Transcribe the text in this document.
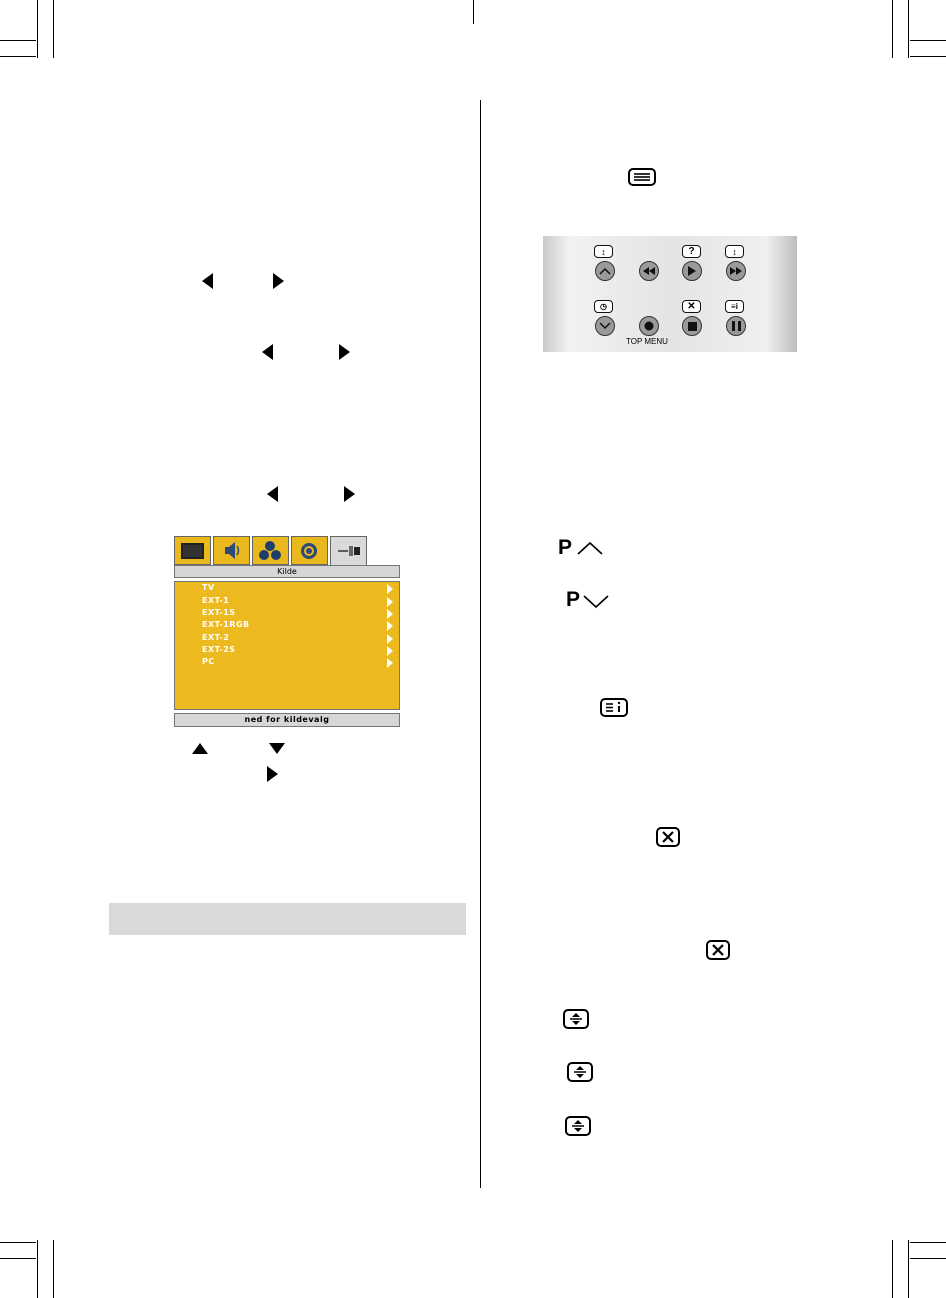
Kilde
TV
EXT-1
EXT-1S
EXT-1RGB
EXT-2
EXT-2S
PC
ned for kildevalg
↕	?	↕
◷	✕	≡i
TOP MENU
P
P
